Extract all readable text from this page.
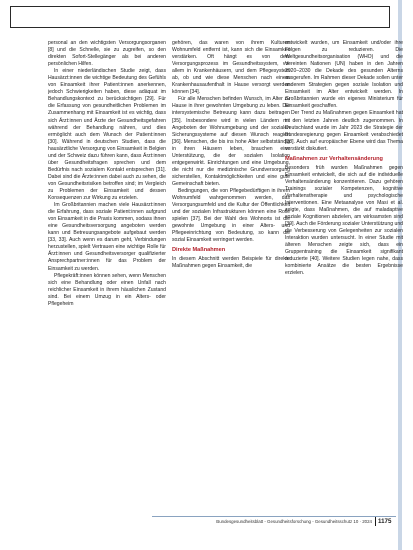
personal an den wichtigsten Versorgungsorganen [8] und die Schnelle, sie zu zugreifen, so den direkten Sofort-Stellegänger als bei anderen persönlichen Hilfen.

In einer niederländischen Studie zeigt, dass Hausärzt:innen die wichtige Bedeutung des Gefühls von Einsamkeit ihrer Patient:innen anerkennen, jedoch Schwierigkeiten haben, diese adäquat im Behandlungskontext zu berücksichtigen [29]. Für die Erfassung von gesundheitlichen Problemen im Zusammenhang mit Einsamkeit ist es wichtig, dass sich Ärzt:innen und Ärzte der Gesundheitsgefahren während der Behandlung nähren, und dies ermöglicht auch dem Wunsch der Patient:innen [30]. Während in deutschen Studien, dass die hausärztliche Versorgung von Einsamkeit in Belgien und der Schweiz dazu führen kann, dass Ärzt:innen über Gesundheitsfragen sprechen und dem Bedürfnis nach sozialem Kontakt entsprechen [31]. Dabei sind die Ärzte:innen dabei auch zu sehen, die von Gesundheitsrisiken betroffen sind; im Vergleich zu Problemen der Einsamkeit und dessen Konsequenzen zur Wirkung zu erzielen.

Im Großbritannien machen viele Hausärzt:innen die Erfahrung, dass soziale Patient:innen aufgrund von Einsamkeit in die Praxis kommen, sodass ihnen eine Gesundheitsversorgung angeboten werden kann und Betreuungsangebote aufgebaut werden [33, 33]. Auch wenn es darum geht, Verbindungen herzustellen, spielt Vertrauen eine wichtige Rolle für Ärzt:innen und Gesundheitsversorger qualifizierter Ansprechpartner:innen für das Problem der Einsamkeit zu werden.

Pflegekräft:innen können sehen, wenn Menschen sich eine Behandlung oder einen Unfall nach reichlicher Einsamkeit in ihrem häuslichen Zustand sind. Bei einem Umzug in ein Alters- oder Pflegeheim

gehören, das waren von ihrem Kulturen Wohnumfeld entfernt ist, kann sich die Einsamkeit verstärken. Oft hängt es von dem Versorgungsprozess im Gesundheitssystem, vor allem in Krankenhäusern, und dem Pflegesystem ab, ob und wie diese Menschen nach einem Krankenhausaufenthalt in Hause versorgt werden können [34].

Für alle Menschen befinden Wunsch, im Alter zu Hause in ihrer gewohnten Umgebung zu leben. Die intersystemische Betreuung kann dazu beitragen [35]. Insbesondere wird in vielen Ländern mit Angeboten der Wohnumgebung und der sozialen Sicherungssysteme auf diesen Wunsch reagiert [36]. Menschen, die bis ins hohe Alter selbstständig in ihren Häusern leben, brauchen eine Unterstützung, die der sozialen Isolation entgegenwirkt. Einrichtungen und eine Umgebung, die nicht nur die medizinische Grundversorgung sicherstellen, Kontaktmöglichkeiten und eine gute Gemeinschaft bieten.

Bedingungen, die von Pflegebedürftigen in ihrem Wohnumfeld wahrgenommen werden, das Versorgungsumfeld und die Kultur der Öffentlichkeit und der sozialen Infrastrukturen können eine Rolle spielen [37]. Bei der Wahl des Wohnorts ist die gewohnte Umgebung in einer Alters- und Pflegeeinrichtung von Bedeutung, so kann die sozial Einsamkeit verringert werden.

Direkte Maßnahmen

In diesem Abschnitt werden Beispiele für direkte Maßnahmen gegen Einsamkeit, die

entwickelt wurden, um Einsamkeit und/oder ihre Folgen zu reduzieren. Die Weltgesundheitsorganisation (WHO) und die Vereinten Nationen (UN) haben in den Jahren 2020–2030 die Dekade des gesunden Alterns ausgerufen. Im Rahmen dieser Dekade sollen unter anderem Strategien gegen soziale Isolation und Einsamkeit im Alter entwickelt werden. In Großbritannien wurde ein eigenes Ministerium für Einsamkeit geschaffen.

Der Trend zu Maßnahmen gegen Einsamkeit hat in den letzten Jahren deutlich zugenommen. In Deutschland wurde im Jahr 2023 die Strategie der Bundesregierung gegen Einsamkeit verabschiedet [38]. Auch auf europäischer Ebene wird das Thema verstärkt diskutiert.

Maßnahmen zur Verhaltensänderung

Besonders früh wurden Maßnahmen gegen Einsamkeit entwickelt, die sich auf die individuelle Verhaltensänderung konzentrieren. Dazu gehören Trainings sozialer Kompetenzen, kognitive Verhaltenstherapie und psychologische Interventionen. Eine Metaanalyse von Masi et al. zeigte, dass Maßnahmen, die auf maladaptive soziale Kognitionen abzielen, am wirksamsten sind [39]. Auch die Förderung sozialer Unterstützung und die Verbesserung von Gelegenheiten zur sozialen Interaktion wurden untersucht. In einer Studie mit älteren Menschen zeigte sich, dass ein Gruppentraining die Einsamkeit signifikant reduzierte [40]. Weitere Studien legen nahe, dass kombinierte Ansätze die besten Ergebnisse erzielen.

Bundesgesundheitsblatt - Gesundheitsforschung - Gesundheitsschutz 10 · 2024 1175
